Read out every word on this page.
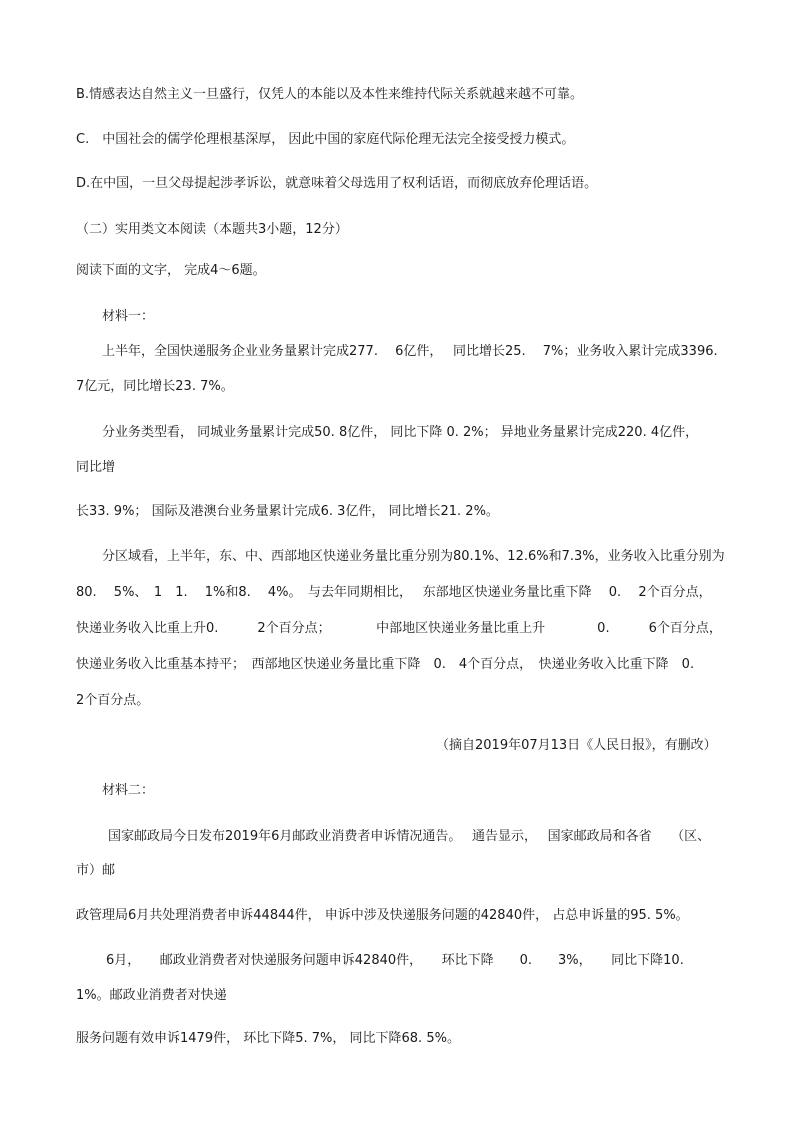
B.情感表达自然主义一旦盛行，仅凭人的本能以及本性来维持代际关系就越来越不可靠。
C.　中国社会的儒学伦理根基深厚， 因此中国的家庭代际伦理无法完全接受授力模式。
D.在中国，一旦父母提起涉孝诉讼，就意味着父母选用了权利话语，而彻底放弃伦理话语。
（二）实用类文本阅读（本题共3小题，12分）
阅读下面的文字， 完成4～6题。
材料一：
上半年，全国快递服务企业业务量累计完成277.　 6亿件，　 同比增长25.　 7%；业务收入累计完成3396.
7亿元，同比增长23. 7%。
分业务类型看， 同城业务量累计完成50. 8亿件， 同比下降 0. 2%； 异地业务量累计完成220. 4亿件，
同比增
长33. 9%； 国际及港澳台业务量累计完成6. 3亿件， 同比增长21. 2%。
分区域看，上半年，东、中、西部地区快递业务量比重分别为80.1%、12.6%和7.3%，业务收入比重分别为
80.　 5%、　1　1.　 1%和8.　 4%。　与去年同期相比，　 东部地区快递业务量比重下降　 0.　 2个百分点，
快递业务收入比重上升0.　　　2个百分点；　　　　中部地区快递业务量比重上升　　　　0.　　　6个百分点，
快递业务收入比重基本持平；　西部地区快递业务量比重下降　0.　4个百分点，　快递业务收入比重下降　0.
2个百分点。
（摘自2019年07月13日《人民日报》，有删改）
材料二：
国家邮政局今日发布2019年6月邮政业消费者申诉情况通告。　 通告显示，　 国家邮政局和各省　　（区、
市）邮
政管理局6月共处理消费者申诉44844件， 申诉中涉及快递服务问题的42840件， 占总申诉量的95. 5%。
6月，　　邮政业消费者对快递服务问题申诉42840件，　　环比下降　　0.　　3%，　　同比下降10.
1%。邮政业消费者对快递
服务问题有效申诉1479件， 环比下降5. 7%， 同比下降68. 5%。
